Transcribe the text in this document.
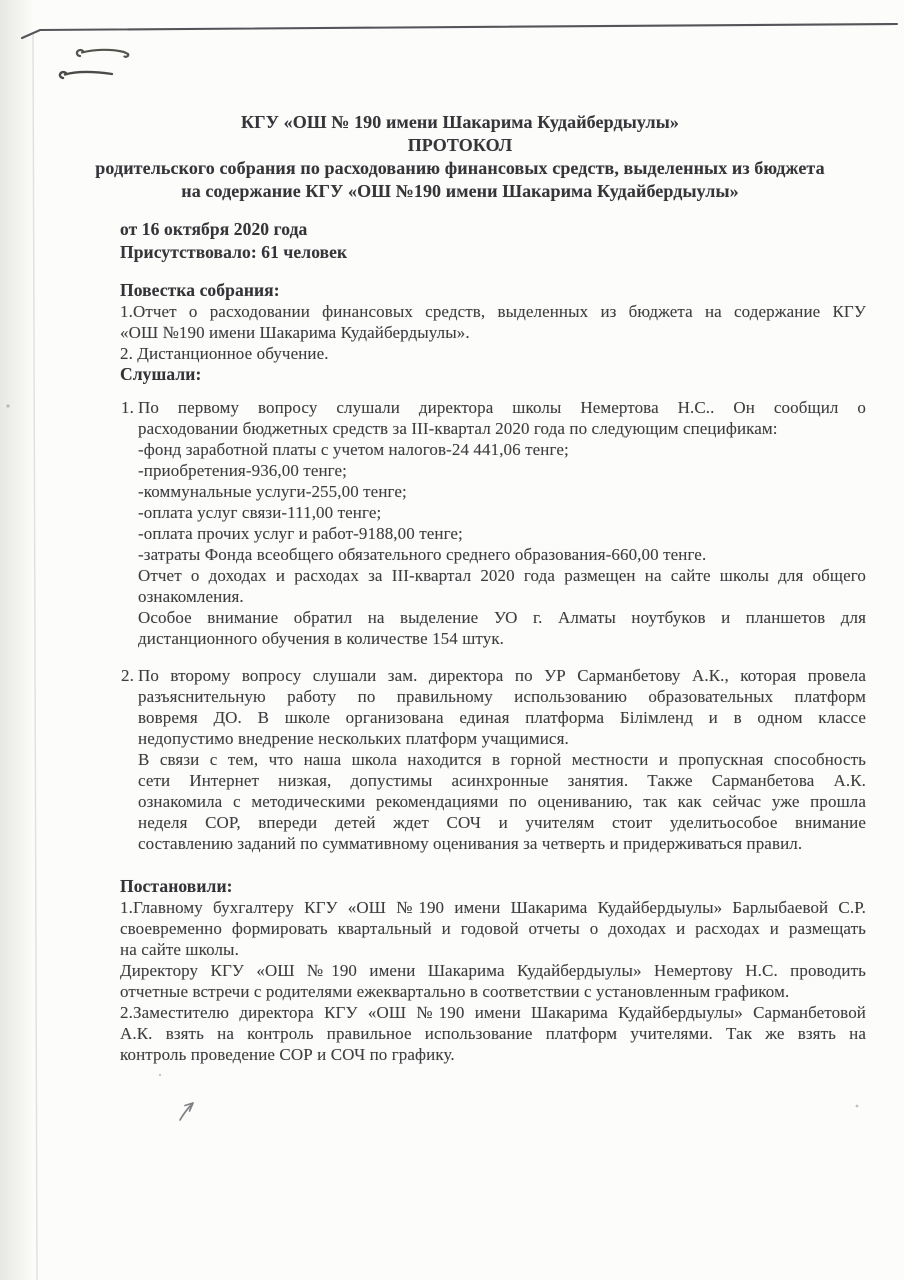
КГУ «ОШ № 190 имени Шакарима Кудайбердыулы»
ПРОТОКОЛ
родительского собрания по расходованию финансовых средств, выделенных из бюджета
на содержание КГУ «ОШ №190 имени Шакарима Кудайбердыулы»
от 16 октября 2020 года
Присутствовало: 61 человек
Повестка собрания:
1.Отчет о расходовании финансовых средств, выделенных из бюджета на содержание КГУ
«ОШ №190 имени Шакарима Кудайбердыулы».
2. Дистанционное обучение.
Слушали:
1. По первому вопросу слушали директора школы Немертова Н.С.. Он сообщил о
расходовании бюджетных средств за III-квартал 2020 года по следующим спецификам:
-фонд заработной платы с учетом налогов-24 441,06 тенге;
-приобретения-936,00 тенге;
-коммунальные услуги-255,00 тенге;
-оплата услуг связи-111,00 тенге;
-оплата прочих услуг и работ-9188,00 тенге;
-затраты Фонда всеобщего обязательного среднего образования-660,00 тенге.
Отчет о доходах и расходах за III-квартал 2020 года размещен на сайте школы для общего
ознакомления.
Особое внимание обратил на выделение УО г. Алматы ноутбуков и планшетов для
дистанционного обучения в количестве 154 штук.
2. По второму вопросу слушали зам. директора по УР Сарманбетову А.К., которая провела
разъяснительную работу по правильному использованию образовательных платформ
вовремя ДО. В школе организована единая платформа Білімленд и в одном классе
недопустимо внедрение нескольких платформ учащимися.
В связи с тем, что наша школа находится в горной местности и пропускная способность
сети Интернет низкая, допустимы асинхронные занятия. Также Сарманбетова А.К.
ознакомила с методическими рекомендациями по оцениванию, так как сейчас уже прошла
неделя СОР, впереди детей ждет СОЧ и учителям стоит уделитьособое внимание
составлению заданий по суммативному оценивания за четверть и придерживаться правил.
Постановили:
1.Главному бухгалтеру КГУ «ОШ №190 имени Шакарима Кудайбердыулы» Барлыбаевой С.Р.
своевременно формировать квартальный и годовой отчеты о доходах и расходах и размещать
на сайте школы.
Директору КГУ «ОШ №190 имени Шакарима Кудайбердыулы» Немертову Н.С. проводить
отчетные встречи с родителями ежеквартально в соответствии с установленным графиком.
2.Заместителю директора КГУ «ОШ №190 имени Шакарима Кудайбердыулы» Сарманбетовой
А.К. взять на контроль правильное использование платформ учителями. Так же взять на
контроль проведение СОР и СОЧ по графику.
